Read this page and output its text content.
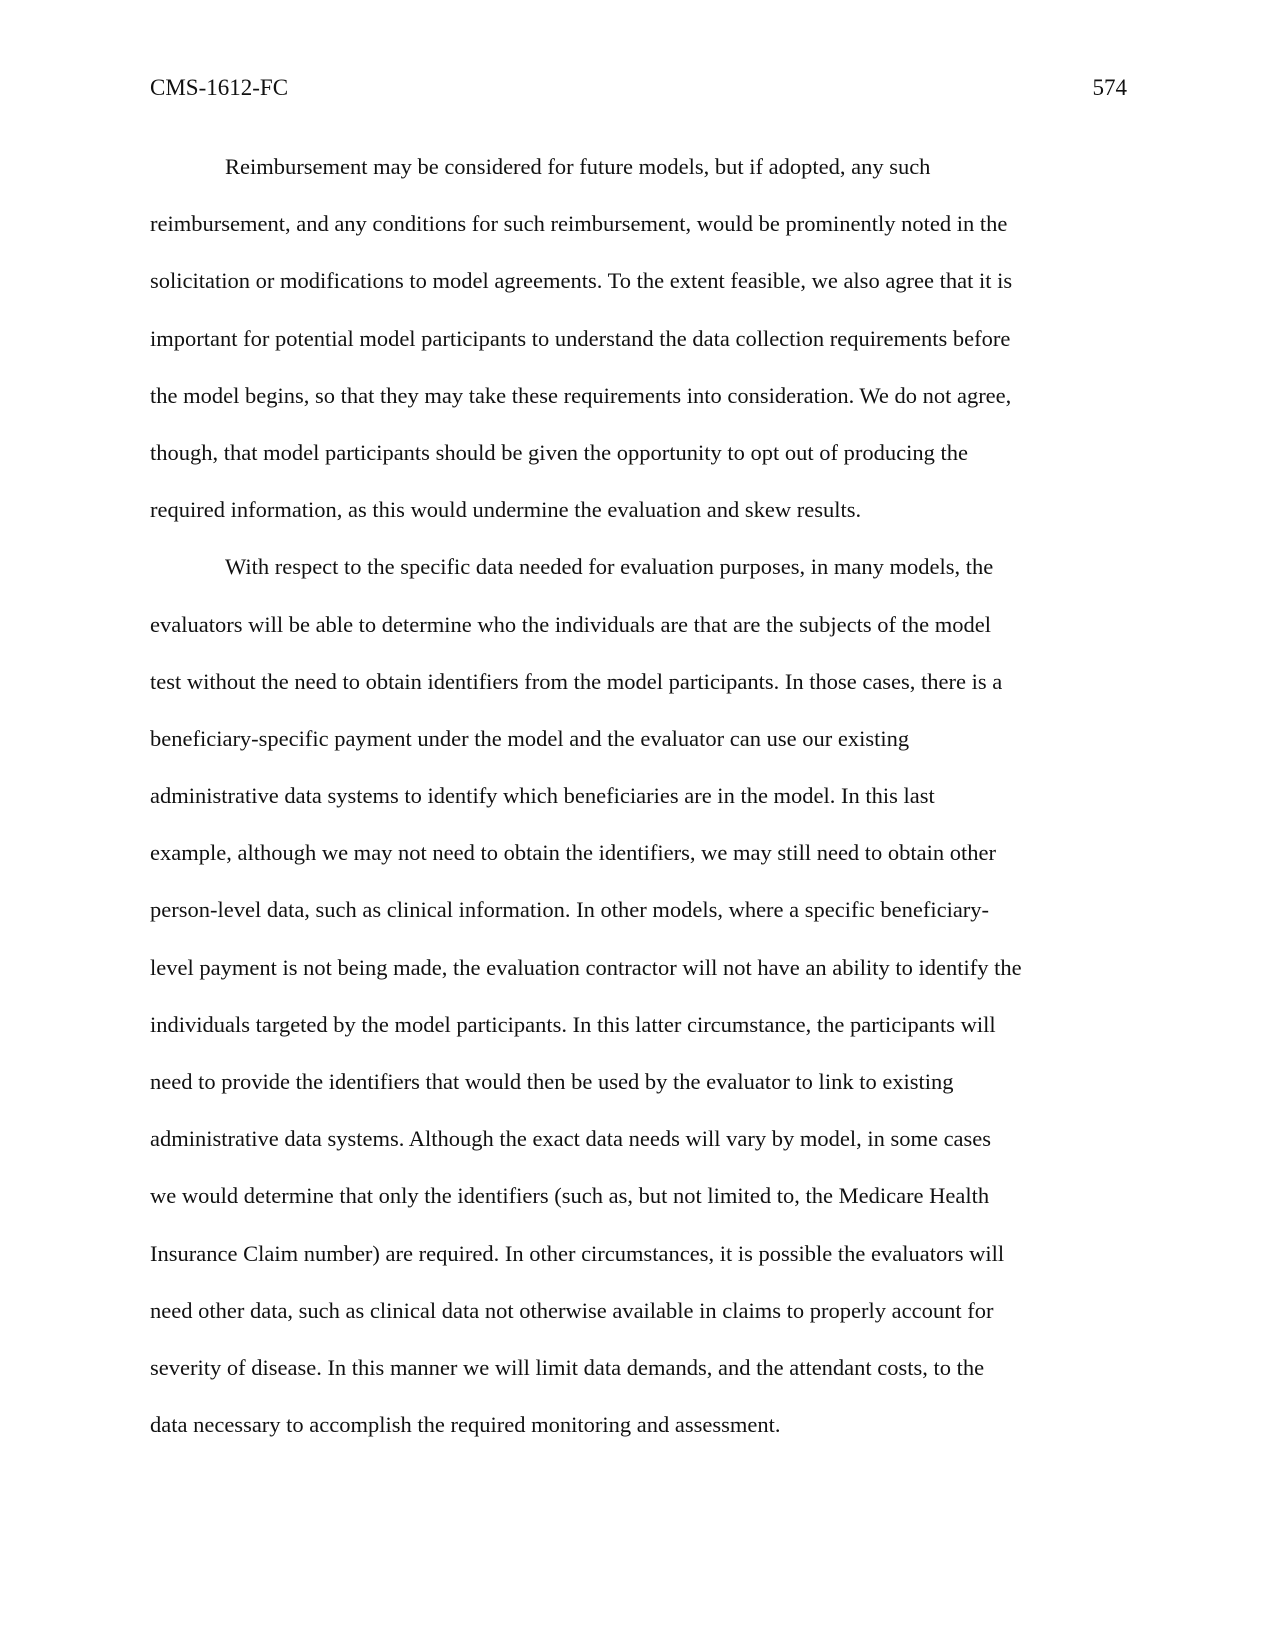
CMS-1612-FC	574
Reimbursement may be considered for future models, but if adopted, any such
reimbursement, and any conditions for such reimbursement, would be prominently noted in the
solicitation or modifications to model agreements. To the extent feasible, we also agree that it is
important for potential model participants to understand the data collection requirements before
the model begins, so that they may take these requirements into consideration. We do not agree,
though, that model participants should be given the opportunity to opt out of producing the
required information, as this would undermine the evaluation and skew results.
With respect to the specific data needed for evaluation purposes, in many models, the
evaluators will be able to determine who the individuals are that are the subjects of the model
test without the need to obtain identifiers from the model participants. In those cases, there is a
beneficiary-specific payment under the model and the evaluator can use our existing
administrative data systems to identify which beneficiaries are in the model. In this last
example, although we may not need to obtain the identifiers, we may still need to obtain other
person-level data, such as clinical information. In other models, where a specific beneficiary-
level payment is not being made, the evaluation contractor will not have an ability to identify the
individuals targeted by the model participants. In this latter circumstance, the participants will
need to provide the identifiers that would then be used by the evaluator to link to existing
administrative data systems. Although the exact data needs will vary by model, in some cases
we would determine that only the identifiers (such as, but not limited to, the Medicare Health
Insurance Claim number) are required. In other circumstances, it is possible the evaluators will
need other data, such as clinical data not otherwise available in claims to properly account for
severity of disease. In this manner we will limit data demands, and the attendant costs, to the
data necessary to accomplish the required monitoring and assessment.
